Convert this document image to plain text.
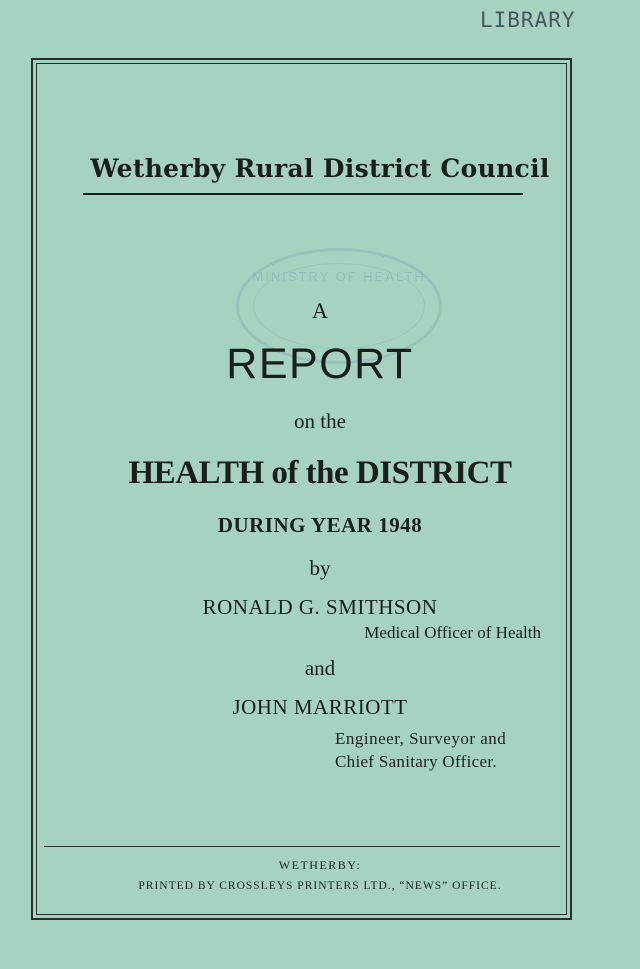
LIBRARY
MINISTRY OF HEALTH
Wetherby Rural District Council
A
REPORT
on the
HEALTH of the DISTRICT
DURING YEAR 1948
by
RONALD G. SMITHSON
Medical Officer of Health
and
JOHN MARRIOTT
Engineer, Surveyor and
Chief Sanitary Officer.
WETHERBY:
PRINTED BY CROSSLEYS PRINTERS LTD., “NEWS” OFFICE.
